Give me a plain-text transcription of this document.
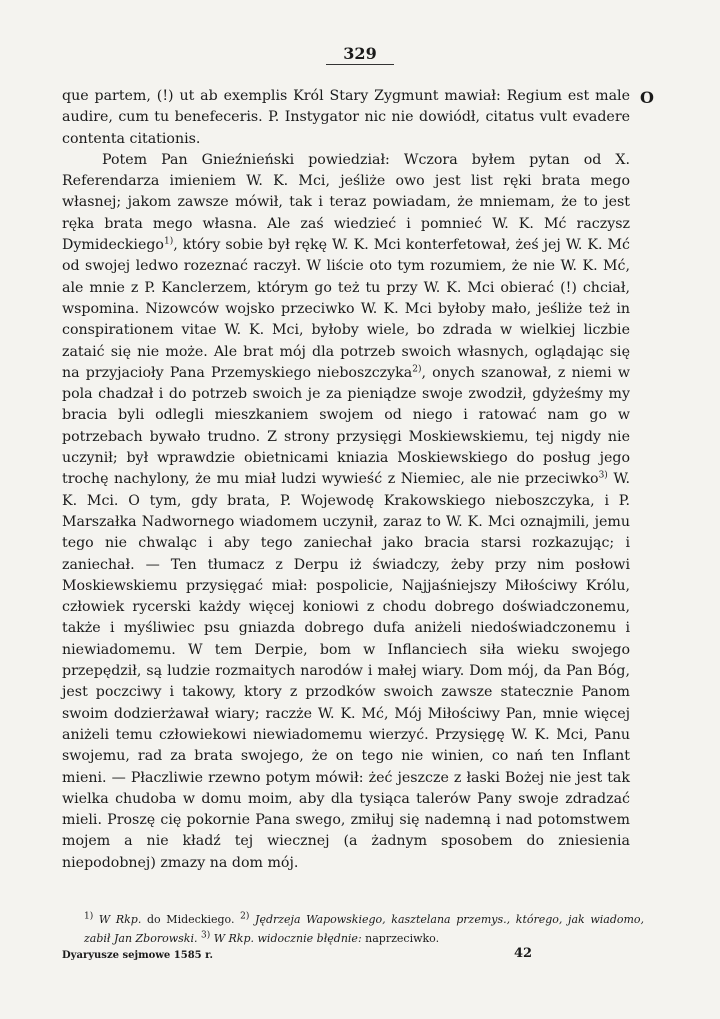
329
O

que partem, (!) ut ab exemplis Król Stary Zygmunt mawiał: Regium est male audire, cum tu benefeceris. P. Instygator nic nie dowiódł, citatus vult evadere contenta citationis.

Potem Pan Gnieźnieński powiedział: Wczora byłem pytan od X. Referendarza imieniem W. K. Mci, jeśliże owo jest list ręki brata mego własnej; jakom zawsze mówił, tak i teraz powiadam, że mniemam, że to jest ręka brata mego własna. Ale zaś wiedzieć i pomnieć W. K. Mć raczysz Dymideckiego$^{1)}$, który sobie był rękę W. K. Mci konterfetował, żeś jej W. K. Mć od swojej ledwo rozeznać raczył. W liście oto tym rozumiem, że nie W. K. Mć, ale mnie z P. Kanclerzem, którym go też tu przy W. K. Mci obierać (!) chciał, wspomina. Nizowców wojsko przeciwko W. K. Mci byłoby mało, jeśliże też in conspirationem vitae W. K. Mci, byłoby wiele, bo zdrada w wielkiej liczbie zataić się nie może. Ale brat mój dla potrzeb swoich własnych, oglądając się na przyjacioły Pana Przemyskiego nieboszczyka$^{2)}$, onych szanował, z niemi w pola chadzał i do potrzeb swoich je za pieniądze swoje zwodził, gdyżeśmy my bracia byli odlegli mieszkaniem swojem od niego i ratować nam go w potrzebach bywało trudno. Z strony przysięgi Moskiewskiemu, tej nigdy nie uczynił; był wprawdzie obietnicami kniazia Moskiewskiego do posług jego trochę nachylony, że mu miał ludzi wywieść z Niemiec, ale nie przeciwko$^{3)}$ W. K. Mci. O tym, gdy brata, P. Wojewodę Krakowskiego nieboszczyka, i P. Marszałka Nadwornego wiadomem uczynił, zaraz to W. K. Mci oznajmili, jemu tego nie chwaląc i aby tego zaniechał jako bracia starsi rozkazując; i zaniechał. — Ten tłumacz z Derpu iż świadczy, żeby przy nim posłowi Moskiewskiemu przysięgać miał: pospolicie, Najjaśniejszy Miłościwy Królu, człowiek rycerski każdy więcej koniowi z chodu dobrego doświadczonemu, także i myśliwiec psu gniazda dobrego dufa aniżeli niedoświadczonemu i niewiadomemu. W tem Derpie, bom w Inflanciech siła wieku swojego przepędził, są ludzie rozmaitych narodów i małej wiary. Dom mój, da Pan Bóg, jest poczciwy i takowy, ktory z przodków swoich zawsze statecznie Panom swoim dodzierżawał wiary; raczże W. K. Mć, Mój Miłościwy Pan, mnie więcej aniżeli temu człowiekowi niewiadomemu wierzyć. Przysięgę W. K. Mci, Panu swojemu, rad za brata swojego, że on tego nie winien, co nań ten Inflant mieni. — Płaczliwie rzewno potym mówił: żeć jeszcze z łaski Bożej nie jest tak wielka chudoba w domu moim, aby dla tysiąca talerów Pany swoje zdradzać mieli. Proszę cię pokornie Pana swego, zmiłuj się nademną i nad potomstwem mojem a nie kładź tej wiecznej (a żadnym sposobem do zniesienia niepodobnej) zmazy na dom mój.

$^{1)}$ W Rkp. do Mideckiego. $^{2)}$ Jędrzeja Wapowskiego, kasztelana przemys., którego, jak wiadomo, zabił Jan Zborowski. $^{3)}$ W Rkp. widocznie błędnie: naprzeciwko.

Dyaryusze sejmowe 1585 r.	42
